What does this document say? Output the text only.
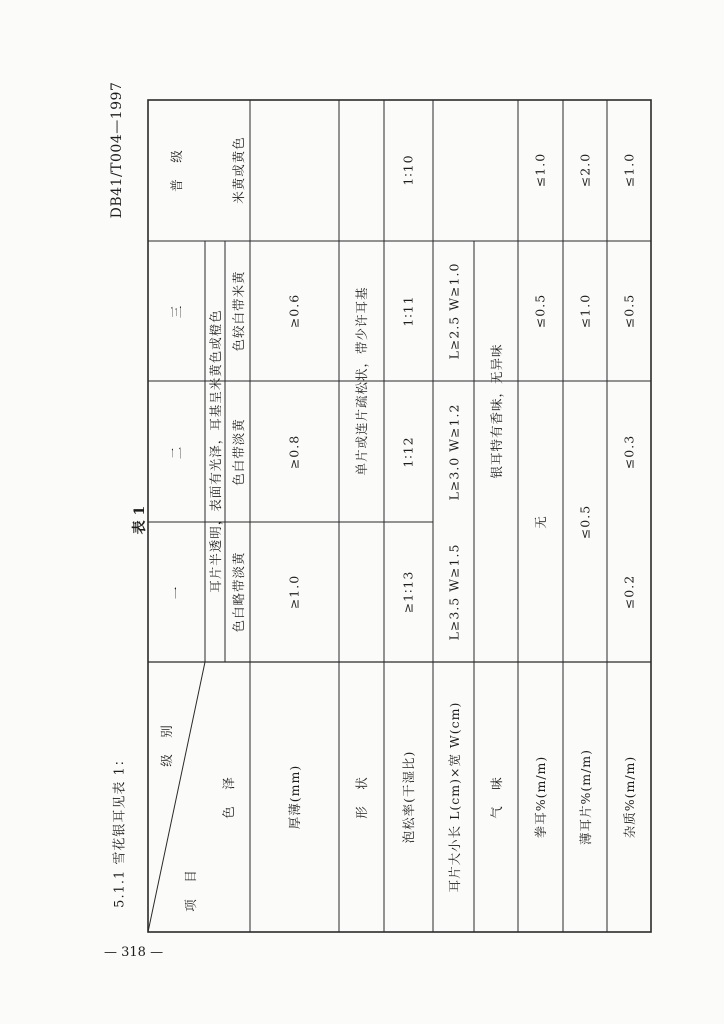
DB41/T004—1997
表 1
5.1.1 雪花银耳见表 1：
级　别
项　目
一
二
三
普　级
色　泽
耳片半透明，表面有光泽，耳基呈米黄色或橙色 色白略带淡黄
色白带淡黄
色较白带米黄
米黄或黄色
厚薄(mm)
≥1.0
≥0.8
≥0.6
形　状
单片或连片疏松状，带少许耳基
泡松率(干湿比)
≥1∶13
1∶12
1∶11
1∶10
耳片大小长 L(cm)×宽 W(cm)
L≥3.5 W≥1.5
L≥3.0 W≥1.2
L≥2.5 W≥1.0
气　味
银耳特有香味，无异味
拳耳%(m/m)
无
≤0.5
≤1.0
薄耳片%(m/m)
≤0.5
≤1.0
≤2.0
杂质%(m/m)
≤0.2
≤0.3
≤0.5
≤1.0
— 318 —
